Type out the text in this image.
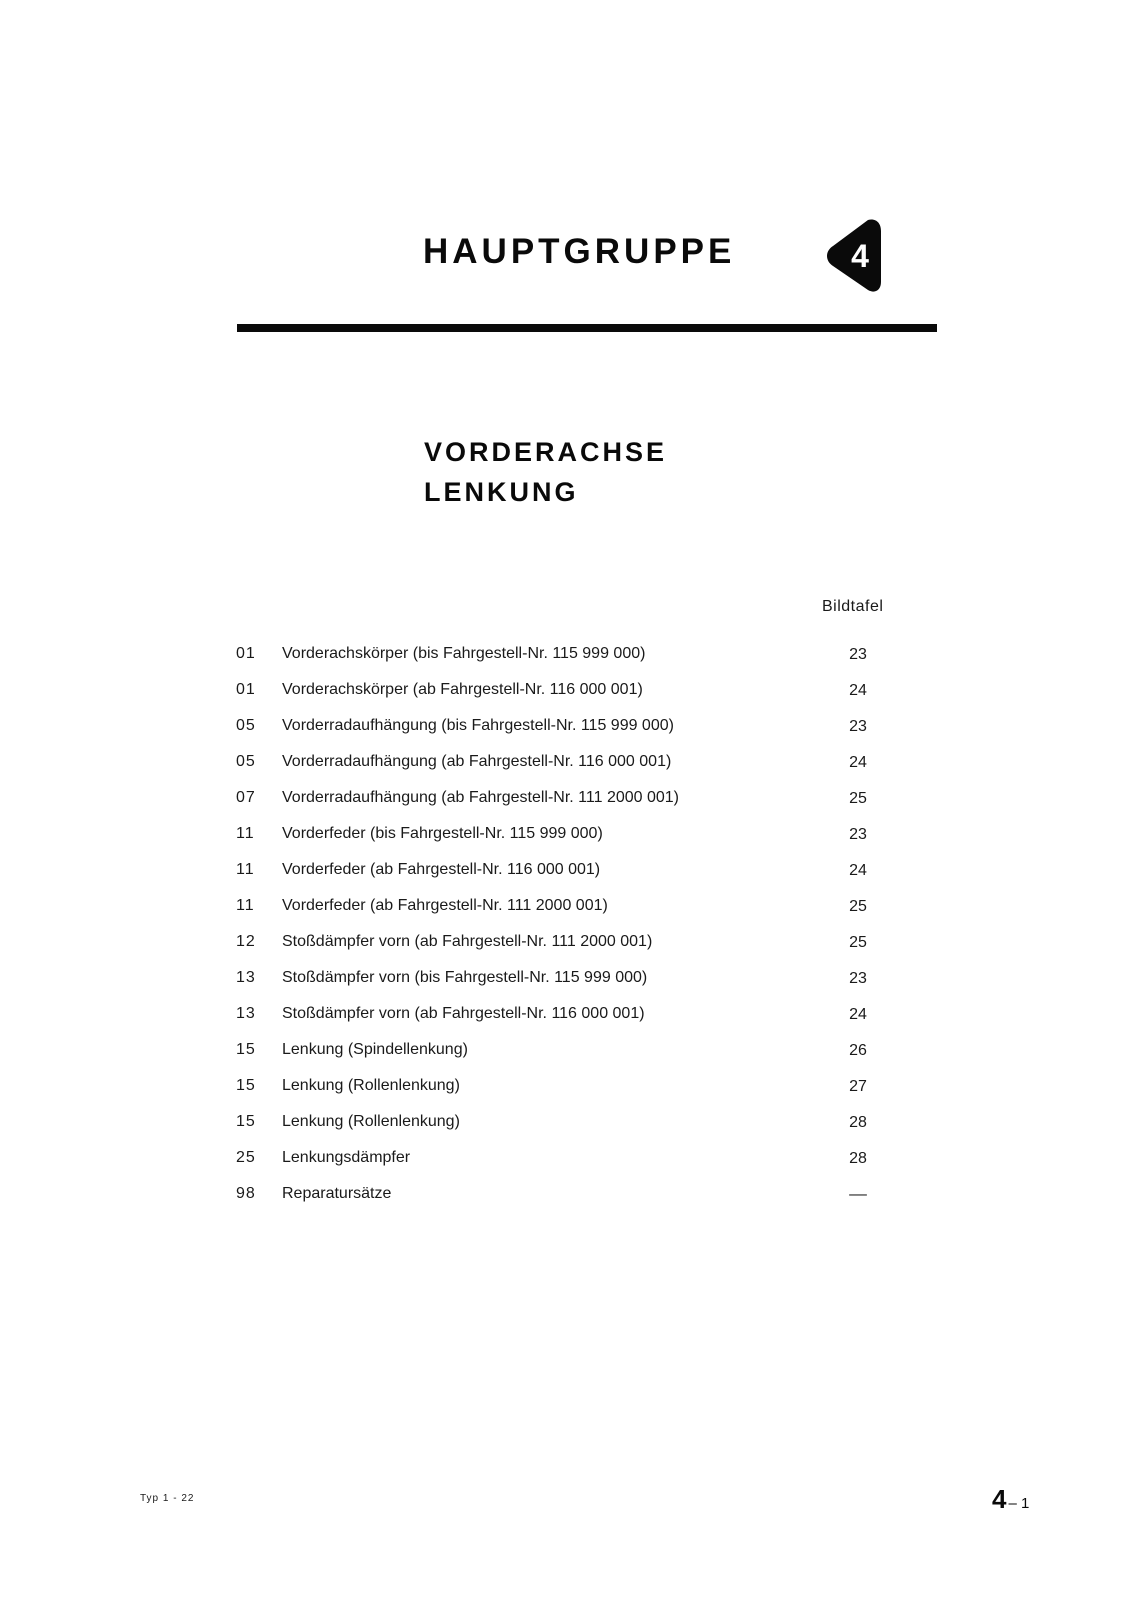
HAUPTGRUPPE	4
VORDERACHSE
LENKUNG
Bildtafel
01	Vorderachskörper (bis Fahrgestell-Nr. 115 999 000)	23
01	Vorderachskörper (ab Fahrgestell-Nr. 116 000 001)	24
05	Vorderradaufhängung (bis Fahrgestell-Nr. 115 999 000)	23
05	Vorderradaufhängung (ab Fahrgestell-Nr. 116 000 001)	24
07	Vorderradaufhängung (ab Fahrgestell-Nr. 111 2000 001)	25
11	Vorderfeder (bis Fahrgestell-Nr. 115 999 000)	23
11	Vorderfeder (ab Fahrgestell-Nr. 116 000 001)	24
11	Vorderfeder (ab Fahrgestell-Nr. 111 2000 001)	25
12	Stoßdämpfer vorn (ab Fahrgestell-Nr. 111 2000 001)	25
13	Stoßdämpfer vorn (bis Fahrgestell-Nr. 115 999 000)	23
13	Stoßdämpfer vorn (ab Fahrgestell-Nr. 116 000 001)	24
15	Lenkung (Spindellenkung)	26
15	Lenkung (Rollenlenkung)	27
15	Lenkung (Rollenlenkung)	28
25	Lenkungsdämpfer	28
98	Reparatursätze	––
Typ 1 - 22	4 – 1
